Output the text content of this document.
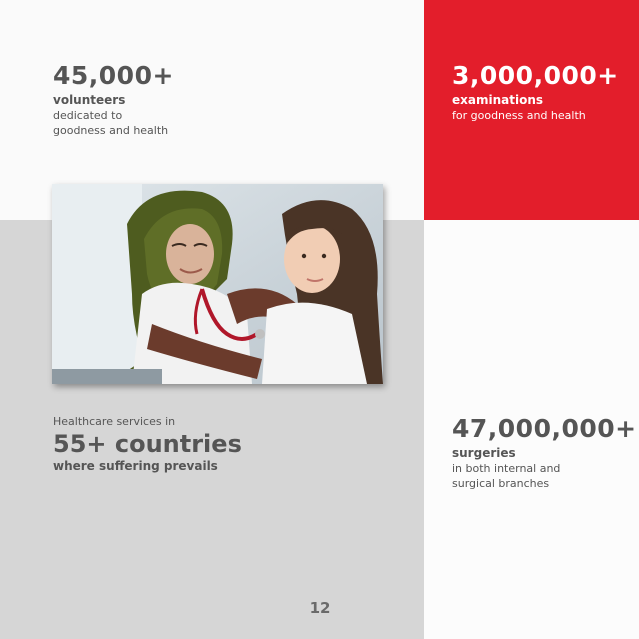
45,000+
volunteers
dedicated to
goodness and health
3,000,000+
examinations
for goodness and health
Healthcare services in
55+ countries
where suffering prevails
47,000,000+
surgeries
in both internal and
surgical branches
12
